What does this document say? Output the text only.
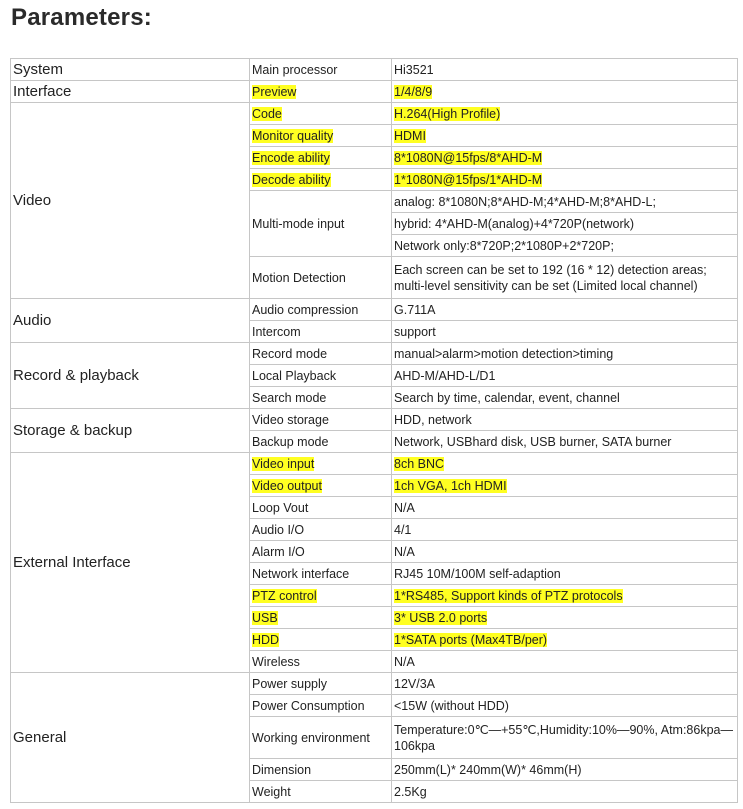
Parameters:
System	Main processor	Hi3521
Interface	Preview	1/4/8/9
Video	Code	H.264(High Profile)
	Monitor quality	HDMI
	Encode ability	8*1080N@15fps/8*AHD-M
	Decode ability	1*1080N@15fps/1*AHD-M
	Multi-mode input	analog: 8*1080N;8*AHD-M;4*AHD-M;8*AHD-L;
		hybrid: 4*AHD-M(analog)+4*720P(network)
		Network only:8*720P;2*1080P+2*720P;
	Motion Detection	Each screen can be set to 192 (16 * 12) detection areas; multi-level sensitivity can be set (Limited local channel)
Audio	Audio compression	G.711A
	Intercom	support
Record & playback	Record mode	manual>alarm>motion detection>timing
	Local Playback	AHD-M/AHD-L/D1
	Search mode	Search by time, calendar, event, channel
Storage & backup	Video storage	HDD, network
	Backup mode	Network, USBhard disk, USB burner, SATA burner
External Interface	Video input	8ch BNC
	Video output	1ch VGA, 1ch HDMI
	Loop Vout	N/A
	Audio I/O	4/1
	Alarm I/O	N/A
	Network interface	RJ45 10M/100M self-adaption
	PTZ control	1*RS485, Support kinds of PTZ protocols
	USB	3* USB 2.0 ports
	HDD	1*SATA ports (Max4TB/per)
	Wireless	N/A
General	Power supply	12V/3A
	Power Consumption	<15W (without HDD)
	Working environment	Temperature:0℃—+55℃,Humidity:10%—90%, Atm:86kpa—106kpa
	Dimension	250mm(L)* 240mm(W)* 46mm(H)
	Weight	2.5Kg
